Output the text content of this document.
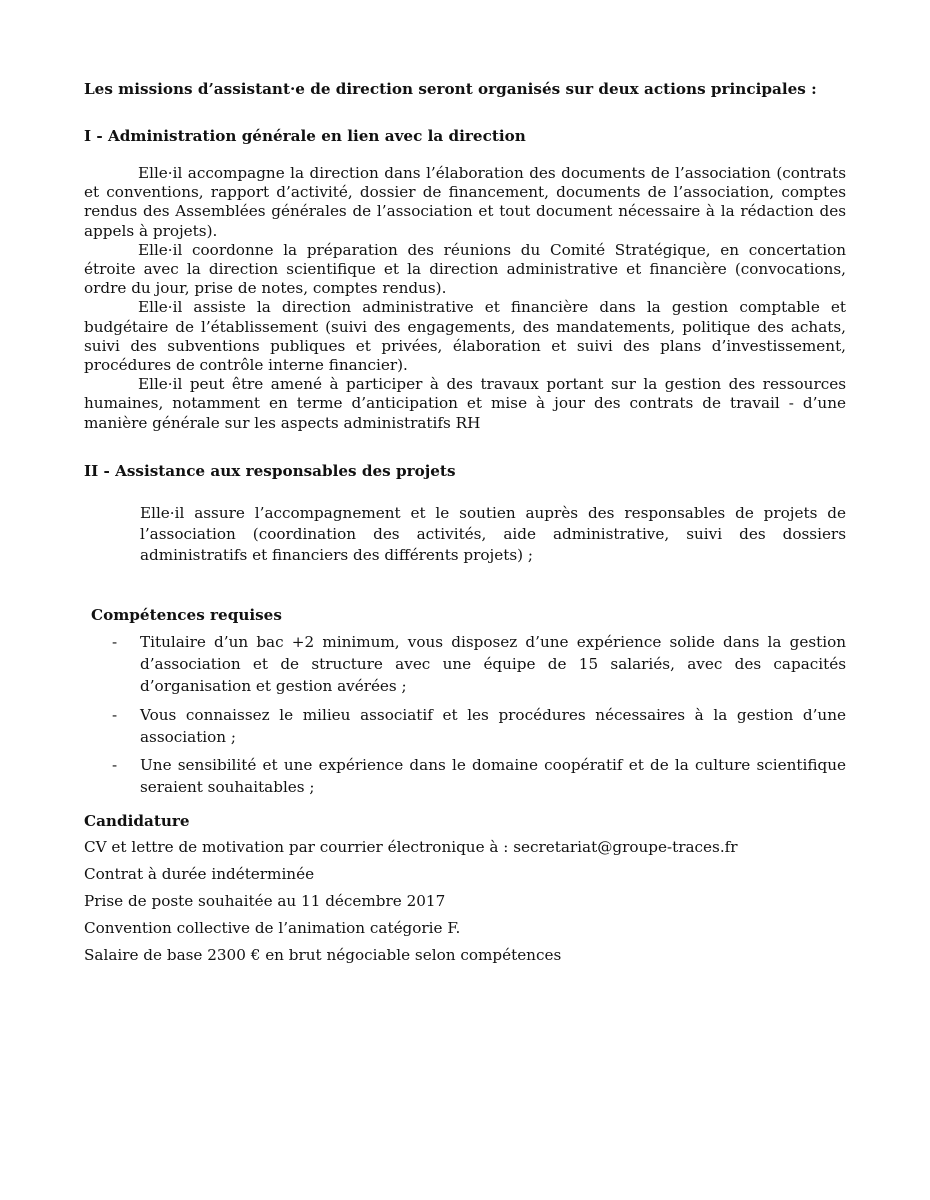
Les missions d’assistant·e de direction seront organisés sur deux actions principales :
I - Administration générale en lien avec la direction
Elle·il accompagne la direction dans l’élaboration des documents de l’association (contrats et conventions, rapport d’activité, dossier de financement, documents de l’association, comptes rendus des Assemblées générales de l’association et tout document nécessaire à la rédaction des appels à projets).
Elle·il coordonne la préparation des réunions du Comité Stratégique, en concertation étroite avec la direction scientifique et la direction administrative et financière (convocations, ordre du jour, prise de notes, comptes rendus).
Elle·il assiste la direction administrative et financière dans la gestion comptable et budgétaire de l’établissement (suivi des engagements, des mandatements, politique des achats, suivi des subventions publiques et privées, élaboration et suivi des plans d’investissement, procédures de contrôle interne financier).
Elle·il peut être amené à participer à des travaux portant sur la gestion des ressources humaines, notamment en terme d’anticipation et mise à jour des contrats de travail - d’une manière générale sur les aspects administratifs RH
II - Assistance aux responsables des projets
Elle·il assure l’accompagnement et le soutien auprès des responsables de projets de l’association (coordination des activités, aide administrative, suivi des dossiers administratifs et financiers des différents projets) ;
Compétences requises
- Titulaire d’un bac +2 minimum, vous disposez d’une expérience solide dans la gestion d’association et de structure avec une équipe de 15 salariés, avec des capacités d’organisation et gestion avérées ;
- Vous connaissez le milieu associatif et les procédures nécessaires à la gestion d’une association ;
- Une sensibilité et une expérience dans le domaine coopératif et de la culture scientifique seraient souhaitables ;
Candidature
CV et lettre de motivation par courrier électronique à : secretariat@groupe-traces.fr
Contrat à durée indéterminée
Prise de poste souhaitée au 11 décembre 2017
Convention collective de l’animation catégorie F.
Salaire de base 2300 € en brut négociable selon compétences
